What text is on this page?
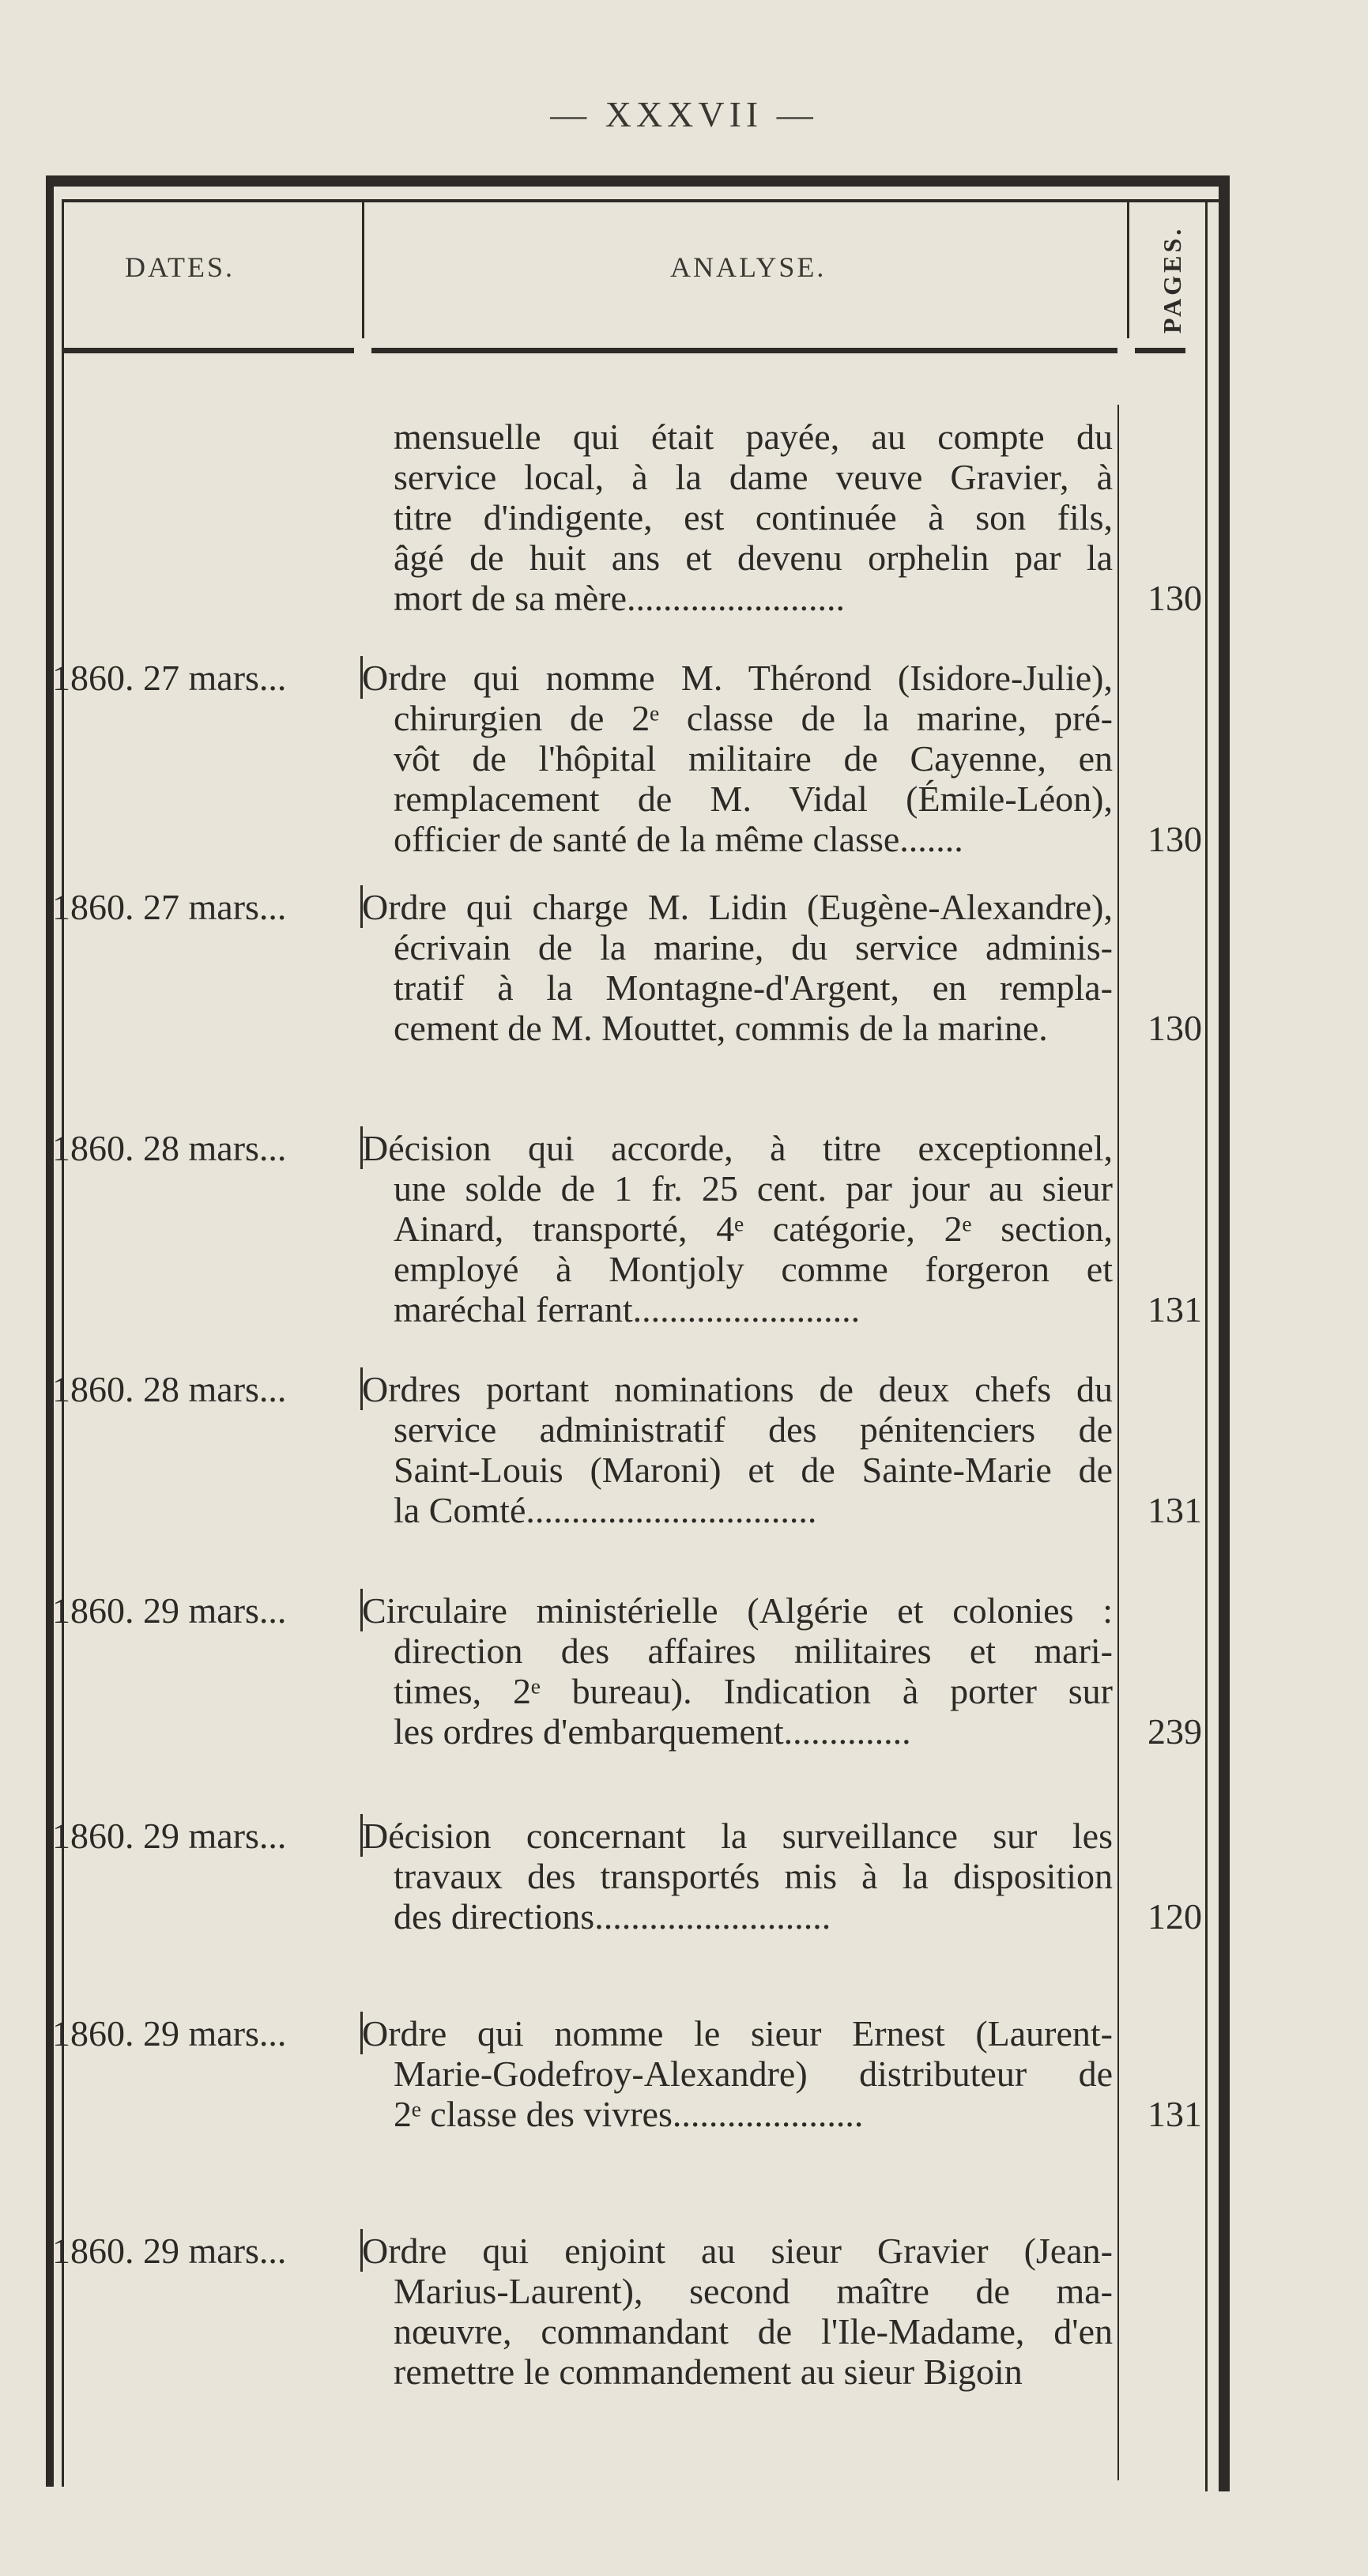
— XXXVII —
DATES.	ANALYSE.	PAGES.
mensuelle qui était payée, au compte du
service local, à la dame veuve Gravier, à
titre d'indigente, est continuée à son fils,
âgé de huit ans et devenu orphelin par la
mort de sa mère........................	130
1860. 27 mars... Ordre qui nomme M. Thérond (Isidore-Julie),
chirurgien de 2ᵉ classe de la marine, pré-
vôt de l'hôpital militaire de Cayenne, en
remplacement de M. Vidal (Émile-Léon),
officier de santé de la même classe.......	130
1860. 27 mars... Ordre qui charge M. Lidin (Eugène-Alexandre),
écrivain de la marine, du service adminis-
tratif à la Montagne-d'Argent, en rempla-
cement de M. Mouttet, commis de la marine.	130
1860. 28 mars... Décision qui accorde, à titre exceptionnel,
une solde de 1 fr. 25 cent. par jour au sieur
Ainard, transporté, 4ᵉ catégorie, 2ᵉ section,
employé à Montjoly comme forgeron et
maréchal ferrant.........................	131
1860. 28 mars... Ordres portant nominations de deux chefs du
service administratif des pénitenciers de
Saint-Louis (Maroni) et de Sainte-Marie de
la Comté................................	131
1860. 29 mars... Circulaire ministérielle (Algérie et colonies :
direction des affaires militaires et mari-
times, 2ᵉ bureau). Indication à porter sur
les ordres d'embarquement..............	239
1860. 29 mars... Décision concernant la surveillance sur les
travaux des transportés mis à la disposition
des directions..........................	120
1860. 29 mars... Ordre qui nomme le sieur Ernest (Laurent-
Marie-Godefroy-Alexandre) distributeur de
2ᵉ classe des vivres.....................	131
1860. 29 mars... Ordre qui enjoint au sieur Gravier (Jean-
Marius-Laurent), second maître de ma-
nœuvre, commandant de l'Ile-Madame, d'en
remettre le commandement au sieur Bigoin
